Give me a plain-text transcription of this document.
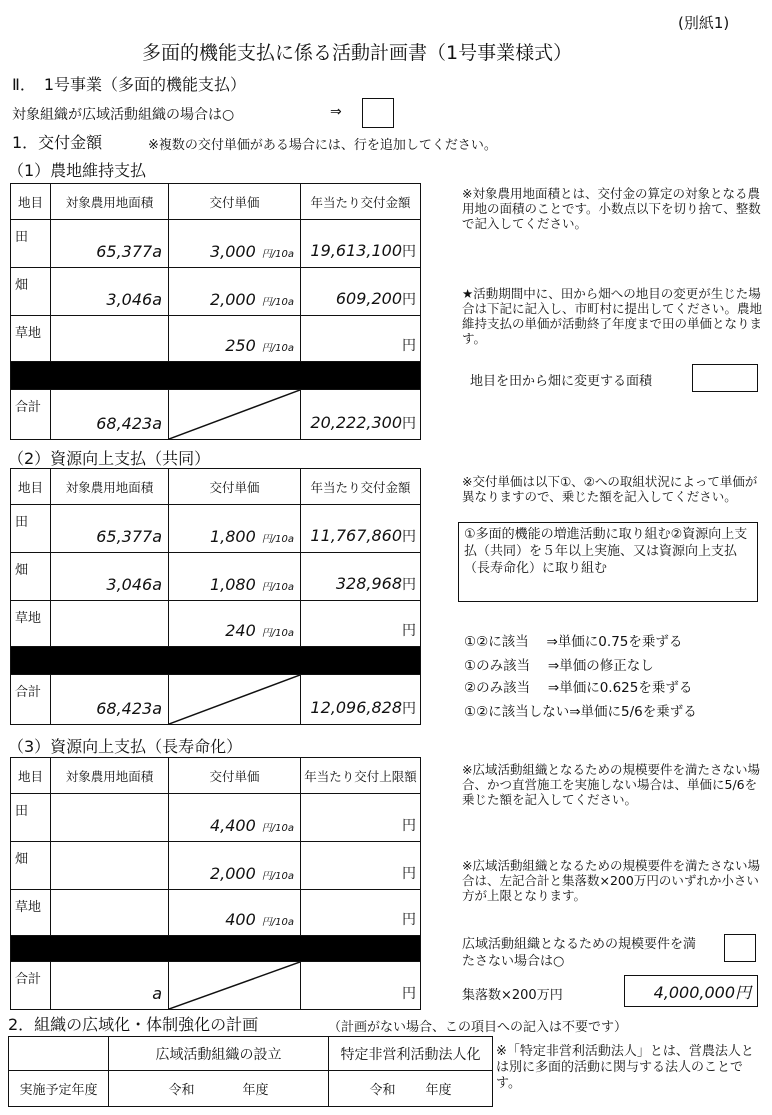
(別紙1)
多面的機能支払に係る活動計画書（1号事業様式）
Ⅱ．　1号事業（多面的機能支払）
対象組織が広域活動組織の場合は○	⇒
1．交付金額	※複数の交付単価がある場合には、行を追加してください。
（1）農地維持支払
地目	対象農用地面積	交付単価	年当たり交付金額
田	65,377a	3,000 円/10a	19,613,100円

畑	3,046a	2,000 円/10a	609,200円

草地		250 円/10a	円

合計	68,423a		20,222,300円
※対象農用地面積とは、交付金の算定の対象となる農用地の面積のことです。小数点以下を切り捨て、整数で記入してください。
★活動期間中に、田から畑への地目の変更が生じた場合は下記に記入し、市町村に提出してください。農地維持支払の単価が活動終了年度まで田の単価となります。
地目を田から畑に変更する面積
（2）資源向上支払（共同）
地目	対象農用地面積	交付単価	年当たり交付金額
田	65,377a	1,800 円/10a	11,767,860円

畑	3,046a	1,080 円/10a	328,968円

草地		240 円/10a	円

合計	68,423a		12,096,828円
※交付単価は以下①、②への取組状況によって単価が異なりますので、乗じた額を記入してください。
①多面的機能の増進活動に取り組む②資源向上支払（共同）を５年以上実施、又は資源向上支払（長寿命化）に取り組む
①②に該当　 ⇒単価に0.75を乗ずる
①のみ該当　 ⇒単価の修正なし
②のみ該当　 ⇒単価に0.625を乗ずる
①②に該当しない⇒単価に5/6を乗ずる
（3）資源向上支払（長寿命化）
地目	対象農用地面積	交付単価	年当たり交付上限額
田		4,400 円/10a	円

畑		2,000 円/10a	円

草地		400 円/10a	円

合計	a		円
※広域活動組織となるための規模要件を満たさない場合、かつ直営施工を実施しない場合は、単価に5/6を乗じた額を記入してください。
※広域活動組織となるための規模要件を満たさない場合は、左記合計と集落数×200万円のいずれか小さい方が上限となります。
広域活動組織となるための規模要件を満たさない場合は○
集落数×200万円	4,000,000円
2．組織の広域化・体制強化の計画	（計画がない場合、この項目への記入は不要です）
	広域活動組織の設立	特定非営利活動法人化
実施予定年度	令和 年度	令和 年度
※「特定非営利活動法人」とは、営農法人とは別に多面的活動に関与する法人のことです。
